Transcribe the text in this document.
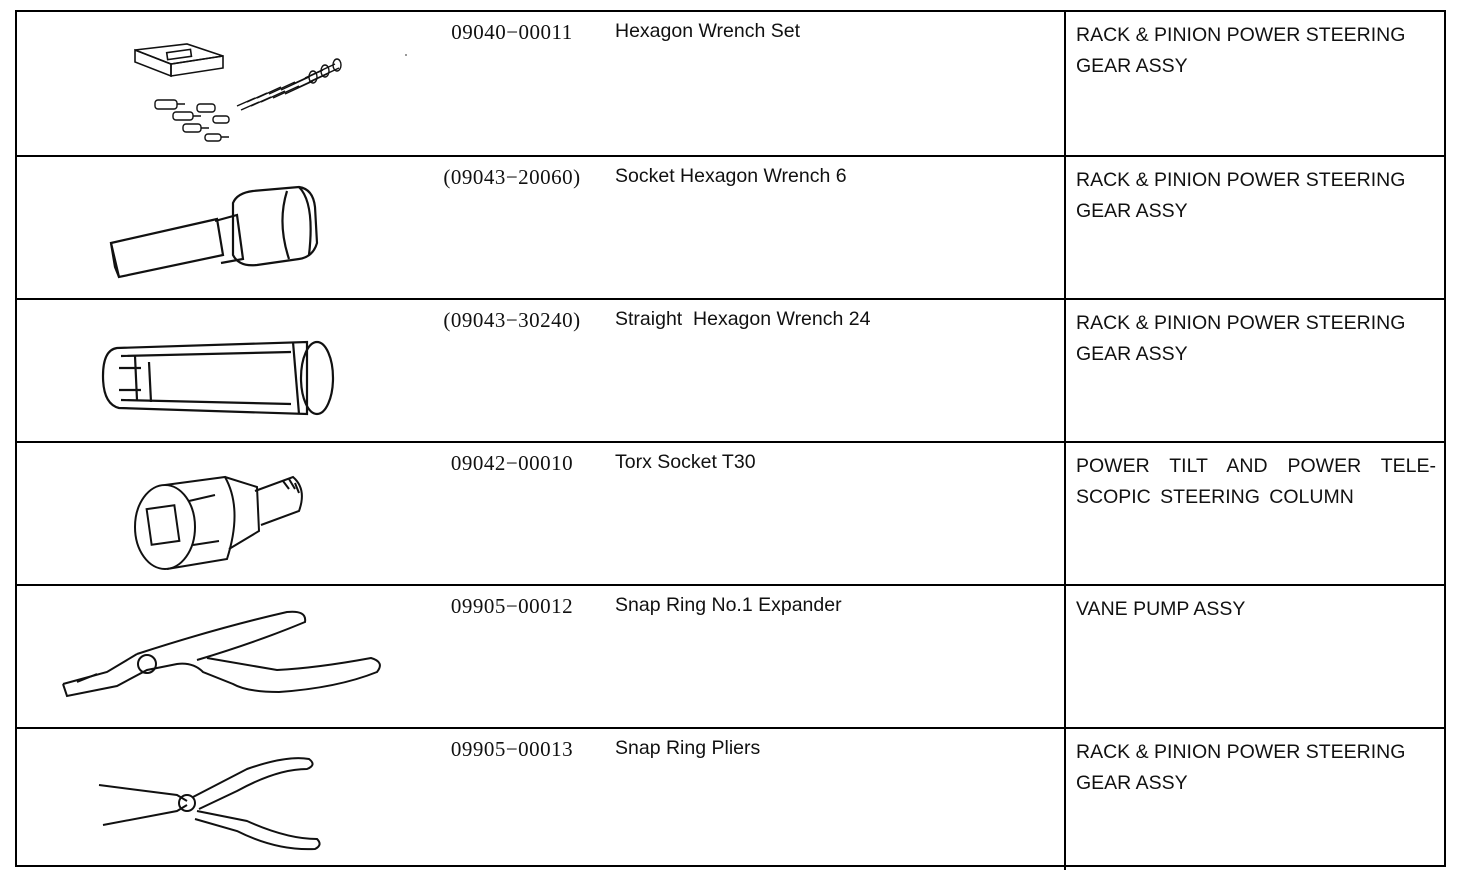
09040−00011	Hexagon Wrench Set	RACK & PINION POWER STEERING GEAR ASSY
(09043−20060)	Socket Hexagon Wrench 6	RACK & PINION POWER STEERING GEAR ASSY
(09043−30240)	Straight  Hexagon Wrench 24	RACK & PINION POWER STEERING GEAR ASSY
09042−00010	Torx Socket T30	POWER TILT AND POWER TELE-SCOPIC STEERING COLUMN
09905−00012	Snap Ring No.1 Expander	VANE PUMP ASSY
09905−00013	Snap Ring Pliers	RACK & PINION POWER STEERING GEAR ASSY
